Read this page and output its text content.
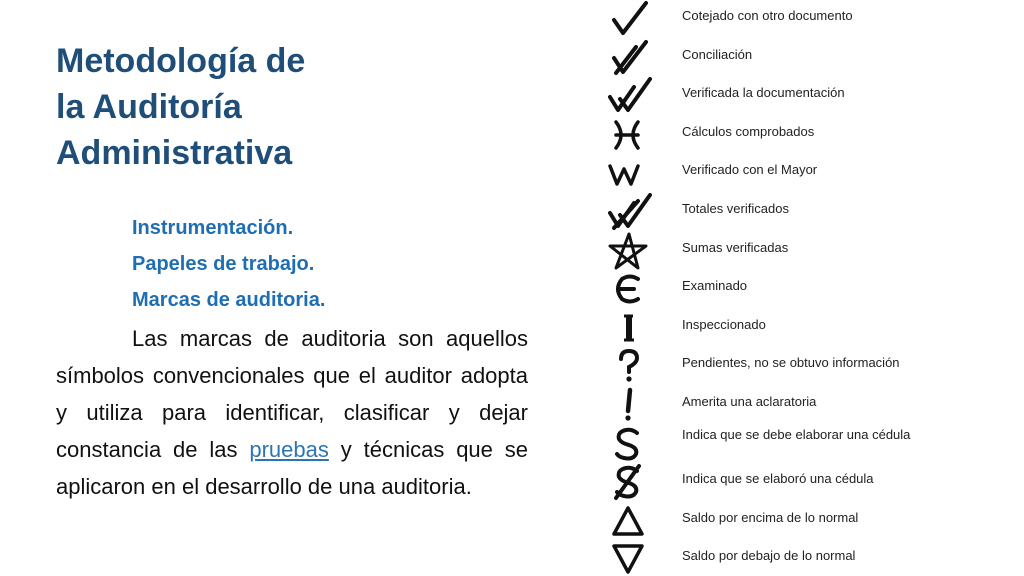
Metodología de
la Auditoría
Administrativa
Instrumentación.
Papeles de trabajo.
Marcas de auditoria.

Las marcas de auditoria son aquellos símbolos convencionales que el auditor adopta y utiliza para identificar, clasificar y dejar constancia de las pruebas y técnicas que se aplicaron en el desarrollo de una auditoria.

Cotejado con otro documento
Conciliación
Verificada la documentación
Cálculos comprobados
Verificado con el Mayor
Totales verificados
Sumas verificadas
Examinado
Inspeccionado
Pendientes, no se obtuvo información
Amerita una aclaratoria
Indica que se debe elaborar una cédula
Indica que se elaboró una cédula
Saldo por encima de lo normal
Saldo por debajo de lo normal
